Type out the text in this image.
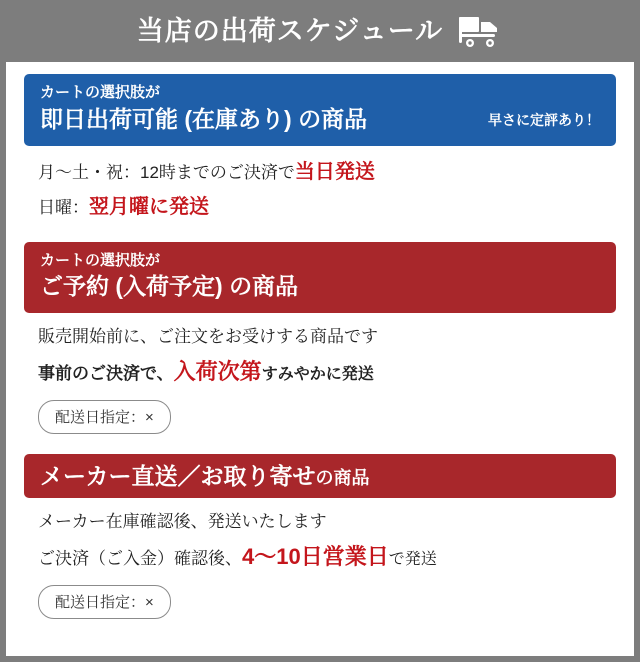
当店の出荷スケジュール
カートの選択肢が
即日出荷可能 (在庫あり) の商品	早さに定評あり！
月〜土・祝：12時までのご決済で当日発送
日曜：翌月曜に発送
カートの選択肢が
ご予約 (入荷予定) の商品
販売開始前に、ご注文をお受けする商品です
事前のご決済で、入荷次第すみやかに発送
配送日指定：×
メーカー直送／お取り寄せの商品
メーカー在庫確認後、発送いたします
ご決済（ご入金）確認後、4〜10日営業日で発送
配送日指定：×
